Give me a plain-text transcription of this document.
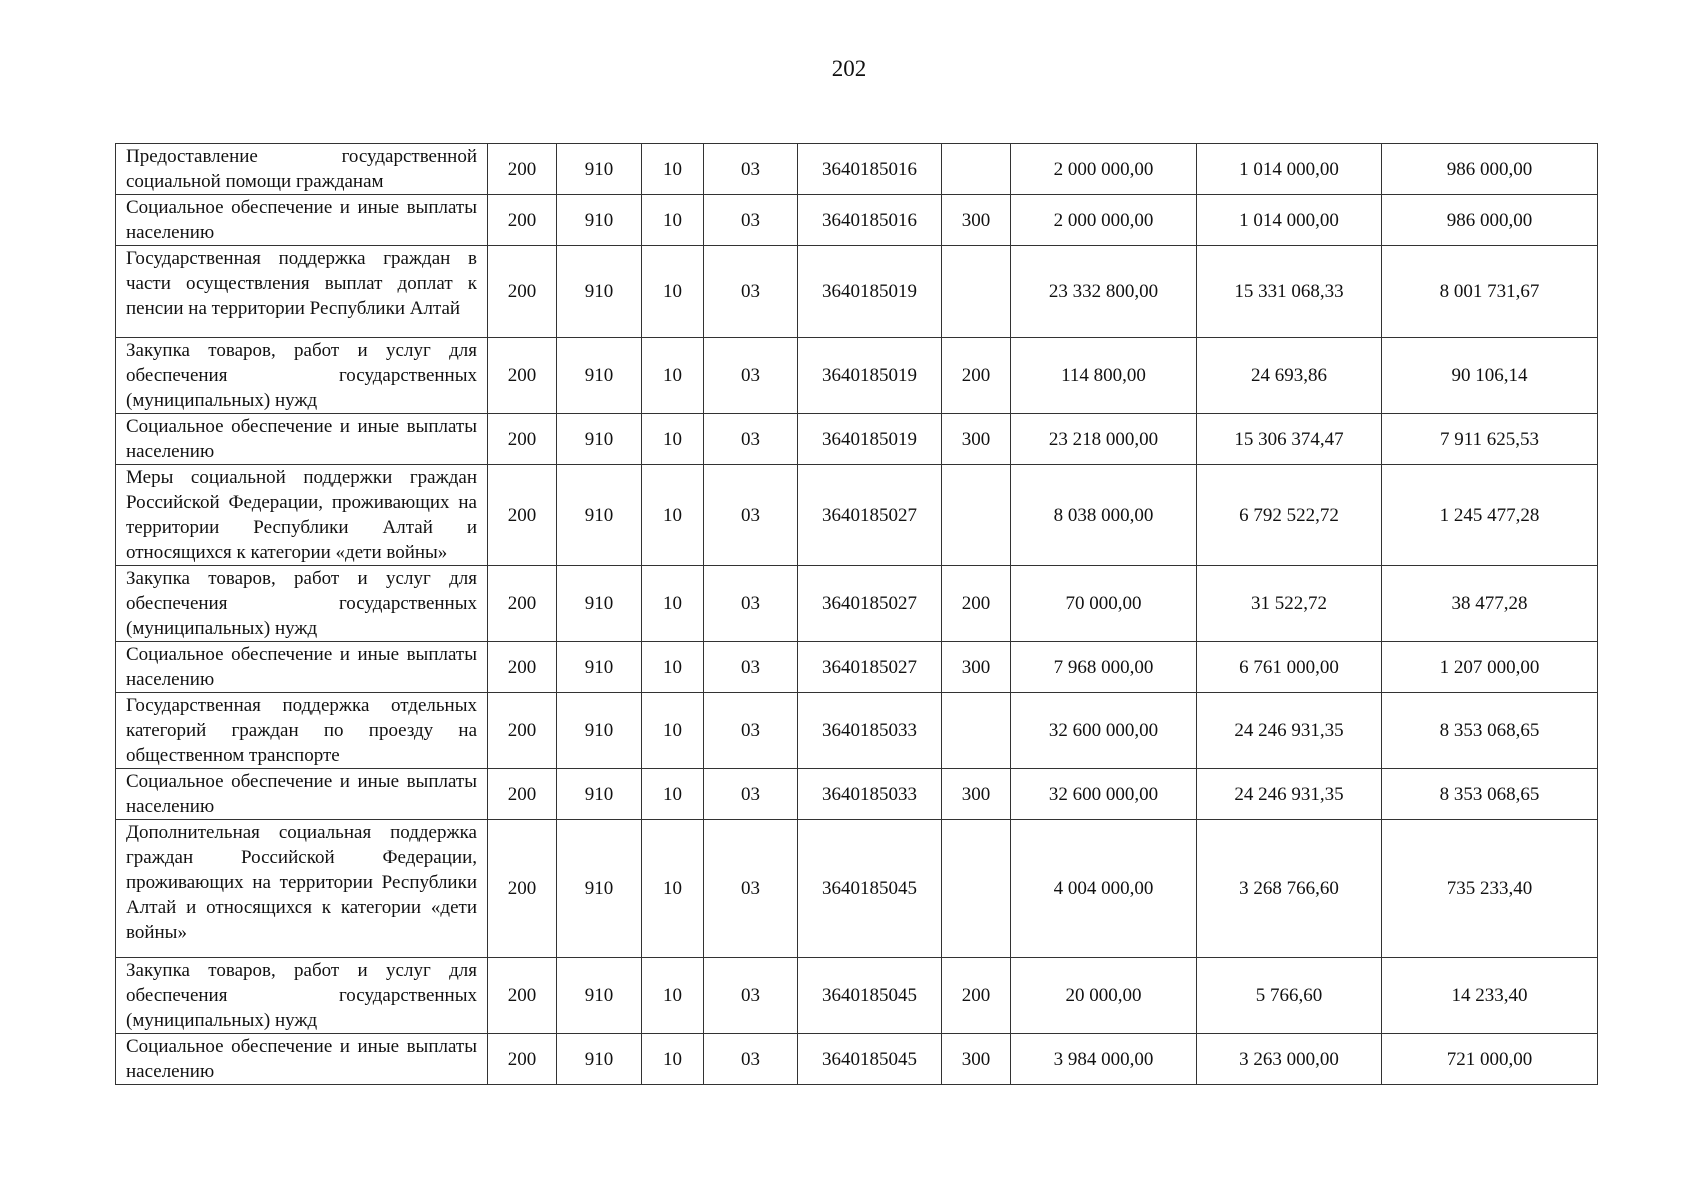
202
Предоставление государственной социальной помощи гражданам	200	910	10	03	3640185016		2 000 000,00	1 014 000,00	986 000,00
Социальное обеспечение и иные выплаты населению	200	910	10	03	3640185016	300	2 000 000,00	1 014 000,00	986 000,00
Государственная поддержка граждан в части осуществления выплат доплат к пенсии на территории Республики Алтай	200	910	10	03	3640185019		23 332 800,00	15 331 068,33	8 001 731,67
Закупка товаров, работ и услуг для обеспечения государственных (муниципальных) нужд	200	910	10	03	3640185019	200	114 800,00	24 693,86	90 106,14
Социальное обеспечение и иные выплаты населению	200	910	10	03	3640185019	300	23 218 000,00	15 306 374,47	7 911 625,53
Меры социальной поддержки граждан Российской Федерации, проживающих на территории Республики Алтай и относящихся к категории «дети войны»	200	910	10	03	3640185027		8 038 000,00	6 792 522,72	1 245 477,28
Закупка товаров, работ и услуг для обеспечения государственных (муниципальных) нужд	200	910	10	03	3640185027	200	70 000,00	31 522,72	38 477,28
Социальное обеспечение и иные выплаты населению	200	910	10	03	3640185027	300	7 968 000,00	6 761 000,00	1 207 000,00
Государственная поддержка отдельных категорий граждан по проезду на общественном транспорте	200	910	10	03	3640185033		32 600 000,00	24 246 931,35	8 353 068,65
Социальное обеспечение и иные выплаты населению	200	910	10	03	3640185033	300	32 600 000,00	24 246 931,35	8 353 068,65
Дополнительная социальная поддержка граждан Российской Федерации, проживающих на территории Республики Алтай и относящихся к категории «дети войны»	200	910	10	03	3640185045		4 004 000,00	3 268 766,60	735 233,40
Закупка товаров, работ и услуг для обеспечения государственных (муниципальных) нужд	200	910	10	03	3640185045	200	20 000,00	5 766,60	14 233,40
Социальное обеспечение и иные выплаты населению	200	910	10	03	3640185045	300	3 984 000,00	3 263 000,00	721 000,00
